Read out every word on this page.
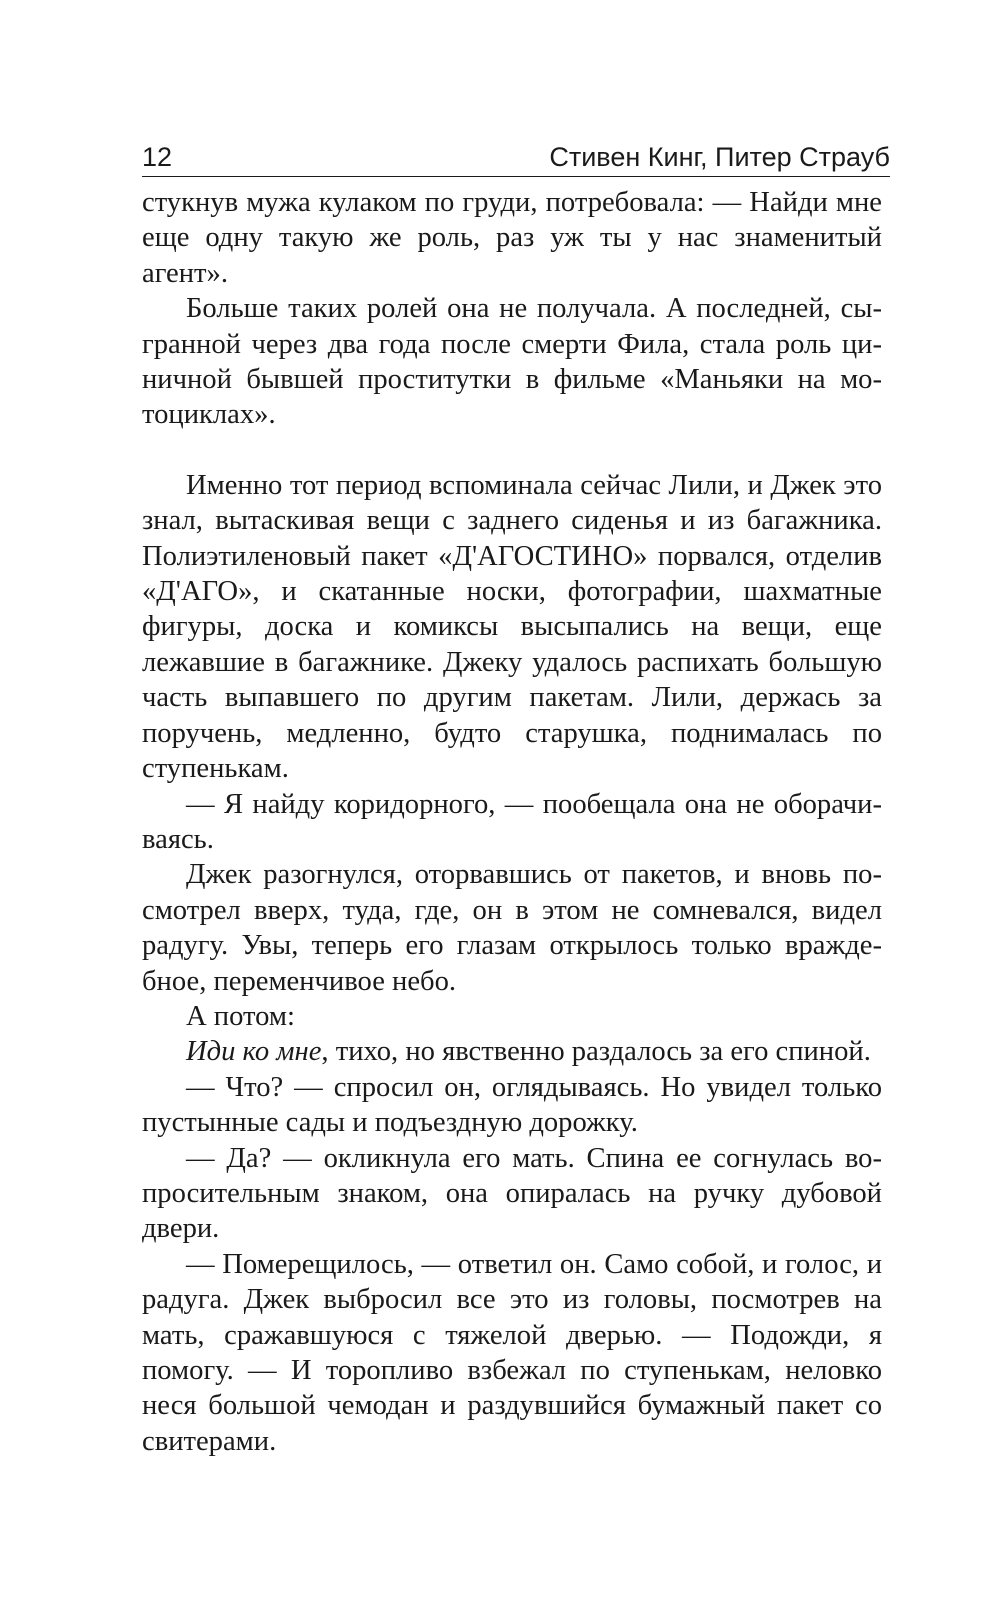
12	Стивен Кинг, Питер Страуб

стукнув мужа кулаком по груди, потребовала: — Найди мне еще одну такую же роль, раз уж ты у нас знаменитый агент».

Больше таких ролей она не получала. А последней, сыгранной через два года после смерти Фила, стала роль циничной бывшей проститутки в фильме «Маньяки на мотоциклах».

Именно тот период вспоминала сейчас Лили, и Джек это знал, вытаскивая вещи с заднего сиденья и из багажника. Полиэтиленовый пакет «Д'АГОСТИНО» порвался, отделив «Д'АГО», и скатанные носки, фотографии, шахматные фигуры, доска и комиксы высыпались на вещи, еще лежавшие в багажнике. Джеку удалось распихать большую часть выпавшего по другим пакетам. Лили, держась за поручень, медленно, будто старушка, поднималась по ступенькам.

— Я найду коридорного, — пообещала она не оборачиваясь.

Джек разогнулся, оторвавшись от пакетов, и вновь посмотрел вверх, туда, где, он в этом не сомневался, видел радугу. Увы, теперь его глазам открылось только враждебное, переменчивое небо.

А потом:

Иди ко мне, тихо, но явственно раздалось за его спиной.

— Что? — спросил он, оглядываясь. Но увидел только пустынные сады и подъездную дорожку.

— Да? — окликнула его мать. Спина ее согнулась вопросительным знаком, она опиралась на ручку дубовой двери.

— Померещилось, — ответил он. Само собой, и голос, и радуга. Джек выбросил все это из головы, посмотрев на мать, сражавшуюся с тяжелой дверью. — Подожди, я помогу. — И торопливо взбежал по ступенькам, неловко неся большой чемодан и раздувшийся бумажный пакет со свитерами.
